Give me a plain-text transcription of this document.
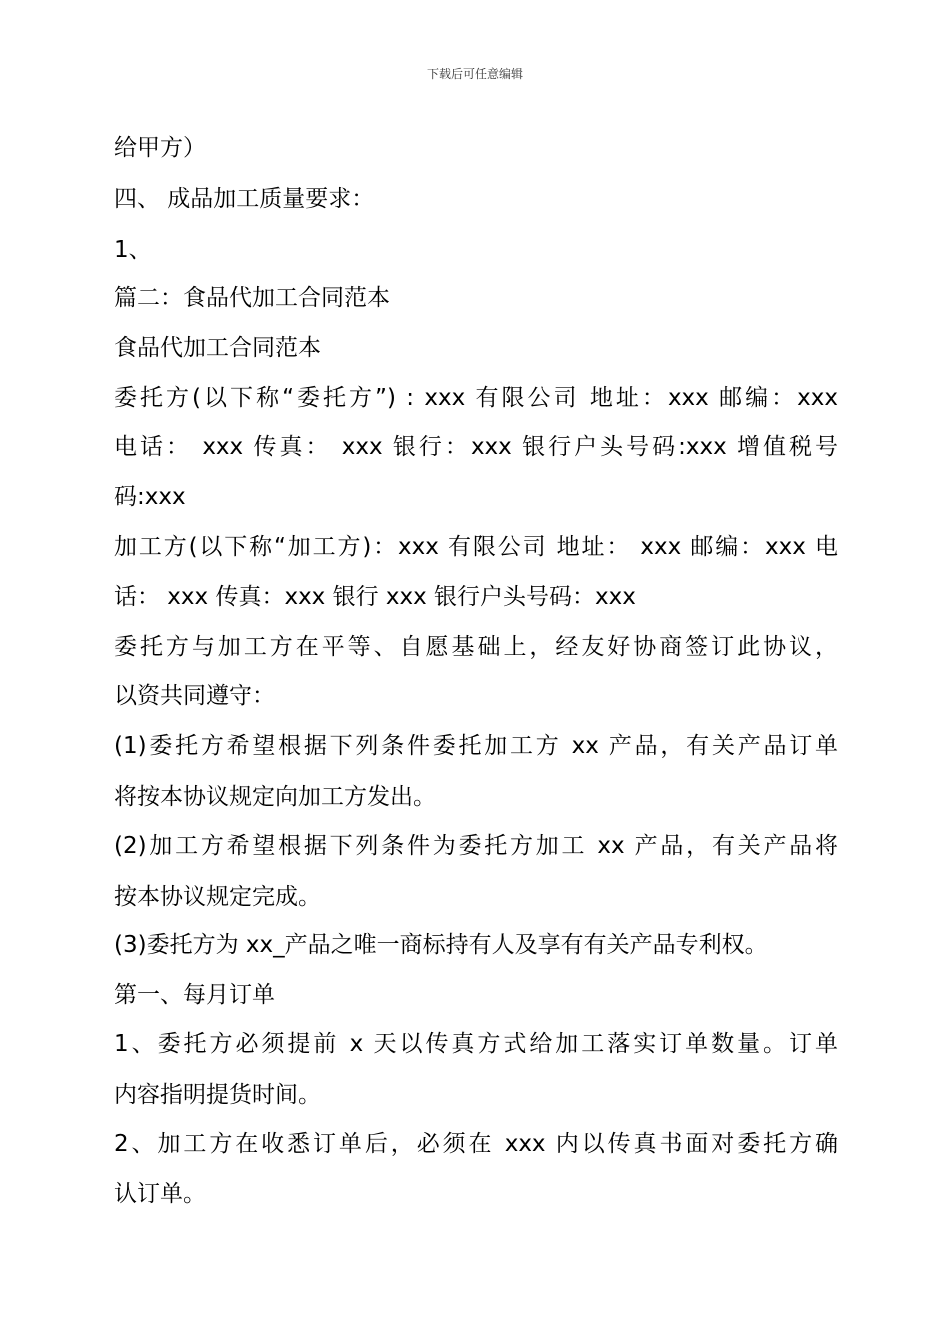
下载后可任意编辑
给甲方）
四、 成品加工质量要求：
1、
篇二：食品代加工合同范本
食品代加工合同范本
委托方(以下称“委托方”) : xxx 有限公司 地址：xxx 邮编：xxx
电话： xxx 传真： xxx 银行：xxx 银行户头号码:xxx 增值税号
码:xxx
加工方(以下称“加工方)：xxx 有限公司 地址： xxx 邮编：xxx 电
话： xxx 传真：xxx 银行 xxx 银行户头号码：xxx
委托方与加工方在平等、自愿基础上，经友好协商签订此协议，
以资共同遵守：
(1)委托方希望根据下列条件委托加工方 xx 产品，有关产品订单
将按本协议规定向加工方发出。
(2)加工方希望根据下列条件为委托方加工 xx 产品，有关产品将
按本协议规定完成。
(3)委托方为 xx_产品之唯一商标持有人及享有有关产品专利权。
第一、每月订单
1、委托方必须提前 x 天以传真方式给加工落实订单数量。订单
内容指明提货时间。
2、加工方在收悉订单后，必须在 xxx 内以传真书面对委托方确
认订单。
